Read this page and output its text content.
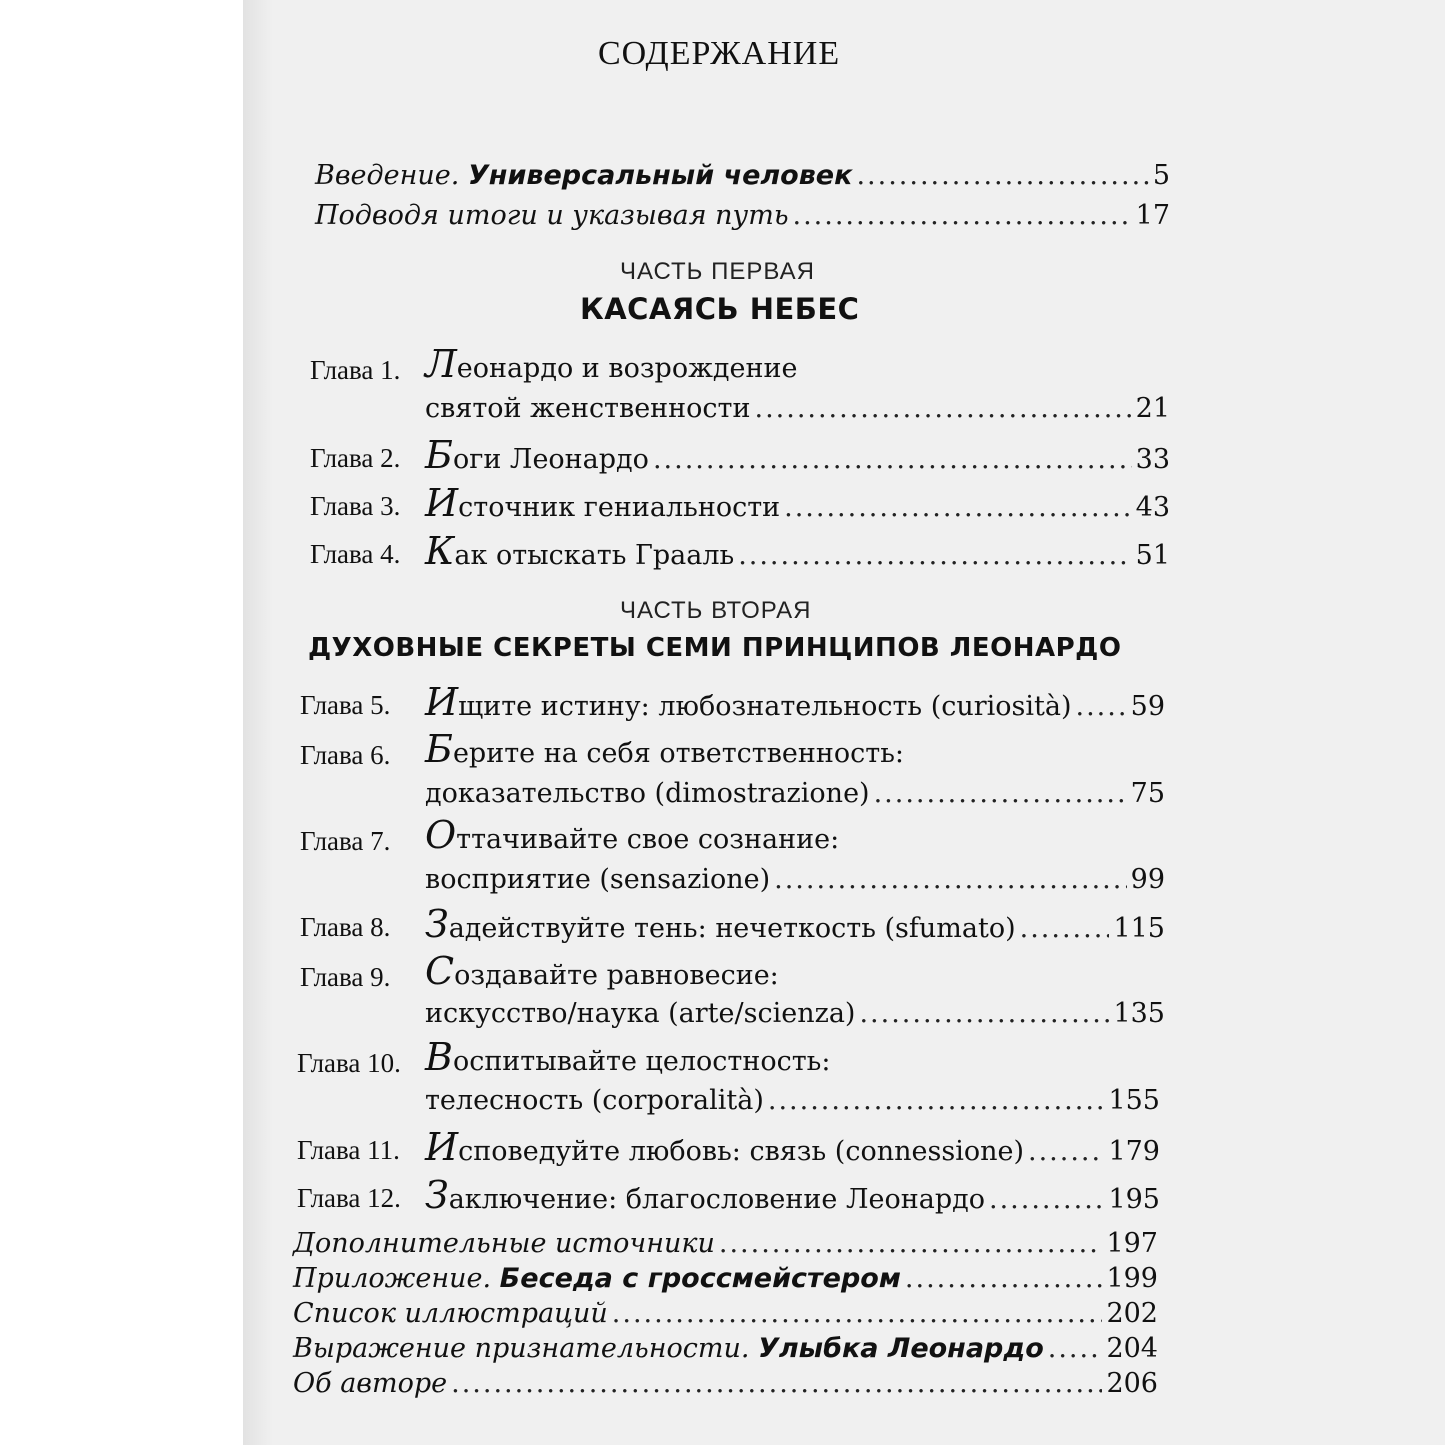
СОДЕРЖАНИЕ
Введение. Универсальный человек .....	5
Подводя итоги и указывая путь .....	17
ЧАСТЬ ПЕРВАЯ
КАСАЯСЬ НЕБЕС
Глава 1. Леонардо и возрождение
святой женственности .....	21
Глава 2. Боги Леонардо .....	33
Глава 3. Источник гениальности .....	43
Глава 4. Как отыскать Грааль .....	51
ЧАСТЬ ВТОРАЯ
ДУХОВНЫЕ СЕКРЕТЫ СЕМИ ПРИНЦИПОВ ЛЕОНАРДО
Глава 5. Ищите истину: любознательность (curiosità) ..... 59
Глава 6. Берите на себя ответственность:
доказательство (dimostrazione) .....	75
Глава 7. Оттачивайте свое сознание:
восприятие (sensazione) .....	99
Глава 8. Задействуйте тень: нечеткость (sfumato) .....	115
Глава 9. Создавайте равновесие:
искусство/наука (arte/scienza) .....	135
Глава 10. Воспитывайте целостность:
телесность (corporalità) .....	155
Глава 11. Исповедуйте любовь: связь (connessione) .....	179
Глава 12. Заключение: благословение Леонардо .....	195
Дополнительные источники .....	197
Приложение. Беседа с гроссмейстером .....	199
Список иллюстраций .....	202
Выражение признательности. Улыбка Леонардо ..... 204
Об авторе .....	206
